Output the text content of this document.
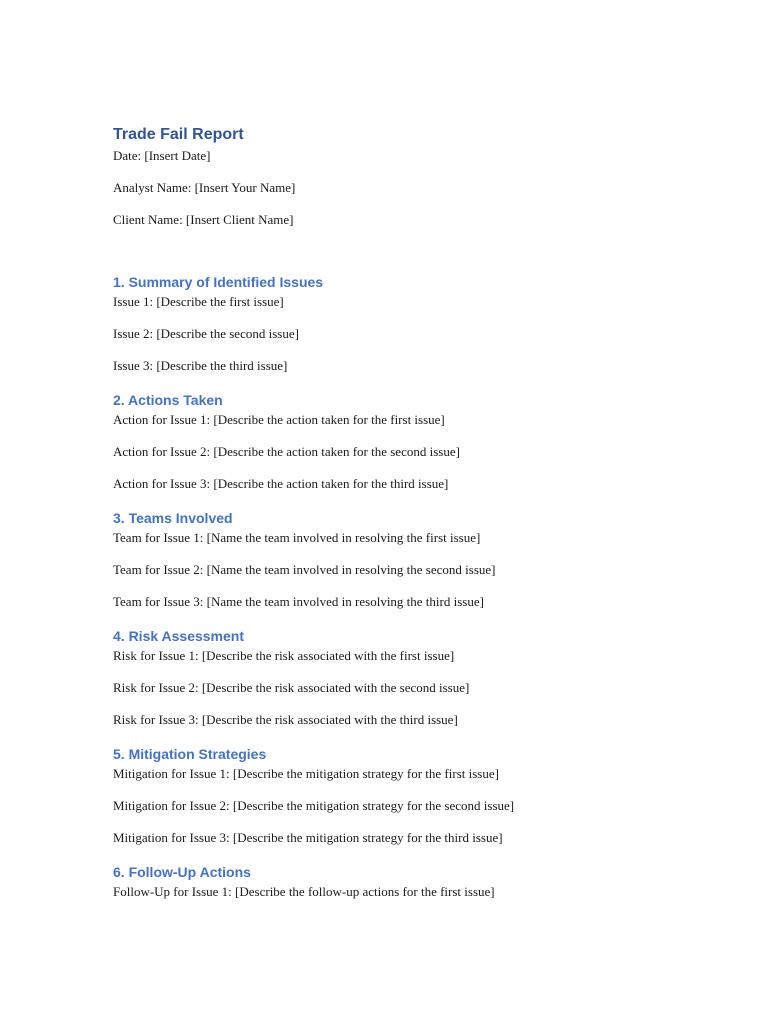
Trade Fail Report

Date: [Insert Date]

Analyst Name: [Insert Your Name]

Client Name: [Insert Client Name]

1. Summary of Identified Issues

Issue 1: [Describe the first issue]

Issue 2: [Describe the second issue]

Issue 3: [Describe the third issue]

2. Actions Taken

Action for Issue 1: [Describe the action taken for the first issue]

Action for Issue 2: [Describe the action taken for the second issue]

Action for Issue 3: [Describe the action taken for the third issue]

3. Teams Involved

Team for Issue 1: [Name the team involved in resolving the first issue]

Team for Issue 2: [Name the team involved in resolving the second issue]

Team for Issue 3: [Name the team involved in resolving the third issue]

4. Risk Assessment

Risk for Issue 1: [Describe the risk associated with the first issue]

Risk for Issue 2: [Describe the risk associated with the second issue]

Risk for Issue 3: [Describe the risk associated with the third issue]

5. Mitigation Strategies

Mitigation for Issue 1: [Describe the mitigation strategy for the first issue]

Mitigation for Issue 2: [Describe the mitigation strategy for the second issue]

Mitigation for Issue 3: [Describe the mitigation strategy for the third issue]

6. Follow-Up Actions

Follow-Up for Issue 1: [Describe the follow-up actions for the first issue]
